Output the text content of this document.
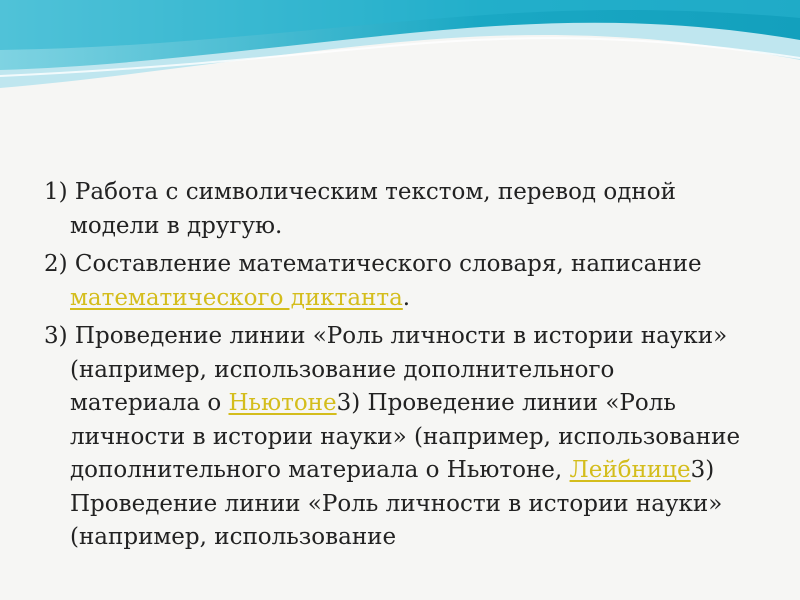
1) Работа с символическим текстом, перевод одной модели в другую.
2) Составление математического словаря, написание математического диктанта.
3) Проведение линии «Роль личности в истории науки» (например, использование дополнительного материала о Ньютоне3) Проведение линии «Роль личности в истории науки» (например, использование дополнительного материала о Ньютоне, Лейбнице3) Проведение линии «Роль личности в истории науки» (например, использование
